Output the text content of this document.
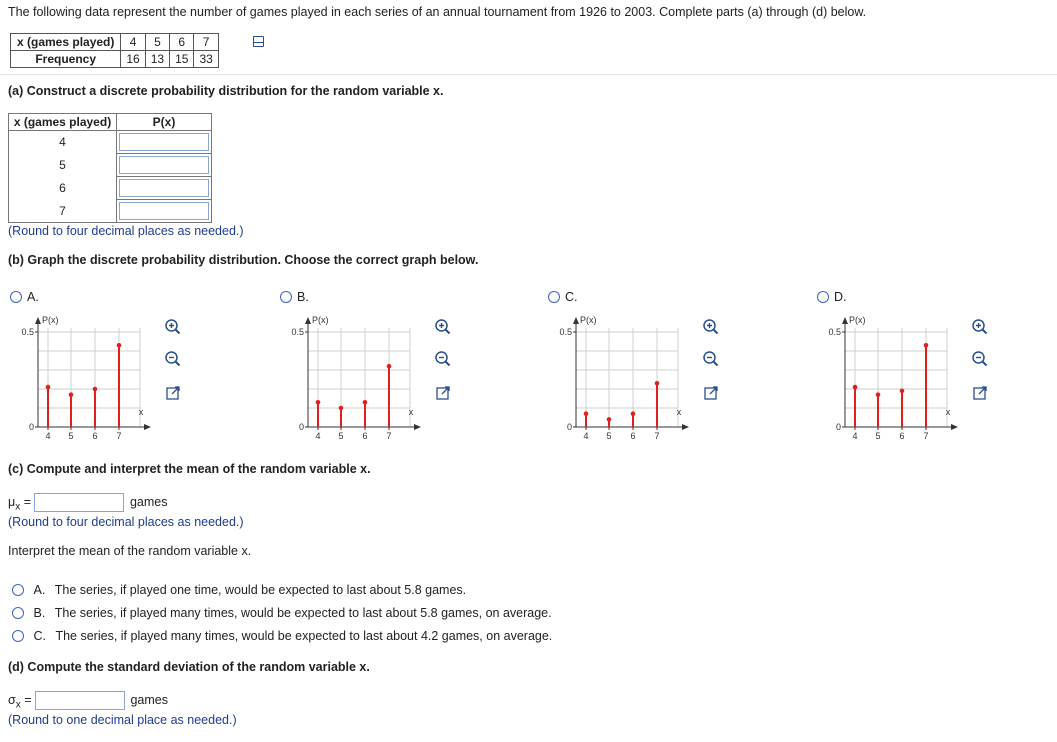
The following data represent the number of games played in each series of an annual tournament from 1926 to 2003. Complete parts (a) through (d) below.
x (games played)	4	5	6	7
Frequency	16	13	15	33
(a) Construct a discrete probability distribution for the random variable x.
x (games played)	P(x)
4	

5	

6	

7	
(Round to four decimal places as needed.)
(b) Graph the discrete probability distribution. Choose the correct graph below.
A.
P(x)
0.5
0
x
4 5 6 7
B.
P(x)
0.5
0
x
4 5 6 7
C.
P(x)
0.5
0
x
4 5 6 7
D.
P(x)
0.5
0
x
4 5 6 7
(c) Compute and interpret the mean of the random variable x.
$\mu_x$ =	games
(Round to four decimal places as needed.)
Interpret the mean of the random variable x.
A. The series, if played one time, would be expected to last about 5.8 games.
B. The series, if played many times, would be expected to last about 5.8 games, on average.
C. The series, if played many times, would be expected to last about 4.2 games, on average.
(d) Compute the standard deviation of the random variable x.
$\sigma_x$ =	games
(Round to one decimal place as needed.)
